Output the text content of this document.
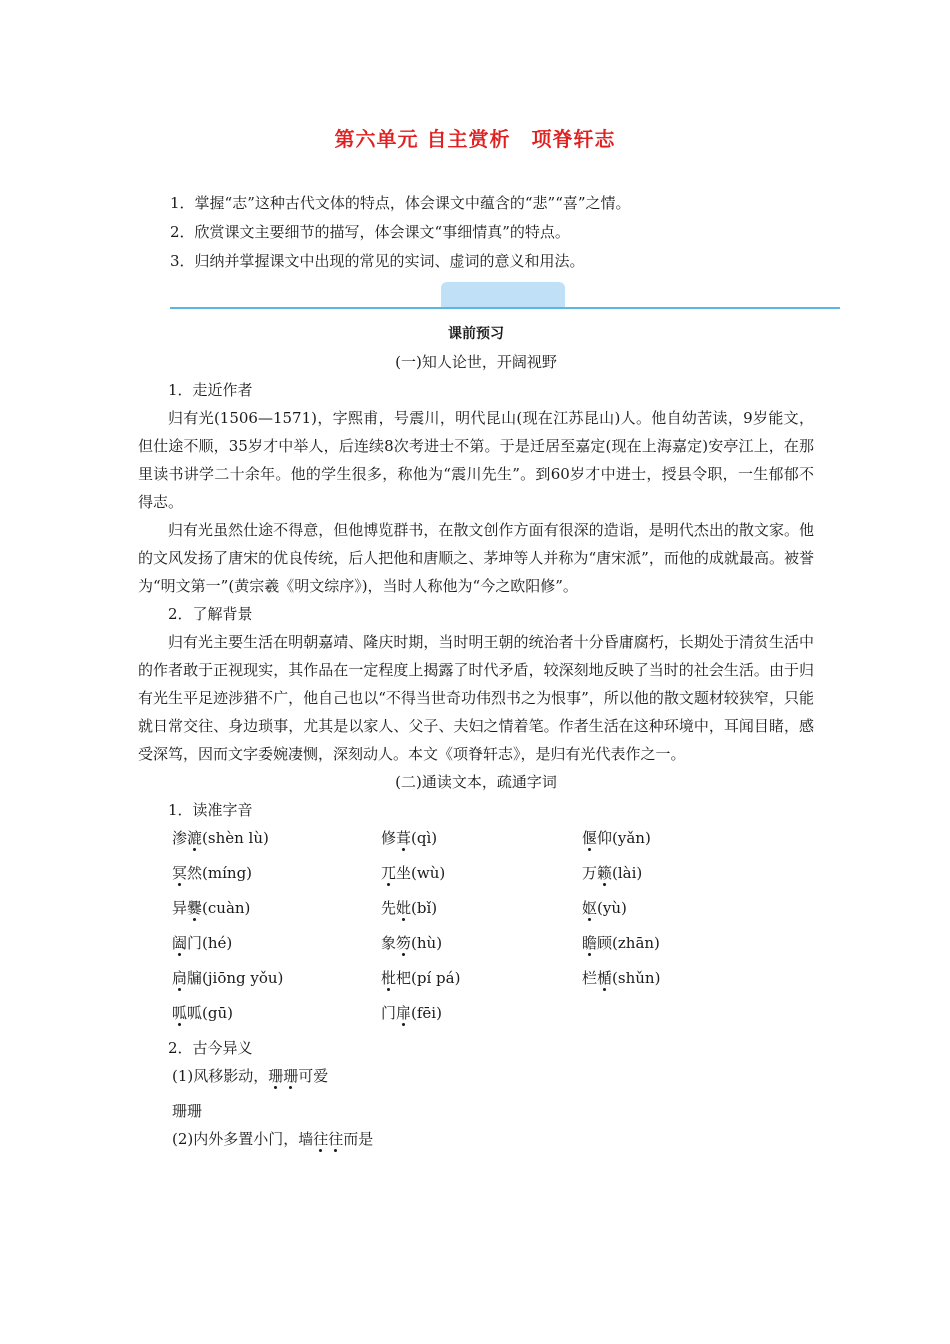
第六单元 自主赏析　项脊轩志
1．掌握“志”这种古代文体的特点，体会课文中蕴含的“悲”“喜”之情。
2．欣赏课文主要细节的描写，体会课文“事细情真”的特点。
3．归纳并掌握课文中出现的常见的实词、虚词的意义和用法。
课前预习
(一)知人论世，开阔视野
1．走近作者
归有光(1506—1571)，字熙甫，号震川，明代昆山(现在江苏昆山)人。他自幼苦读，9岁能文，但仕途不顺，35岁才中举人，后连续8次考进士不第。于是迁居至嘉定(现在上海嘉定)安亭江上，在那里读书讲学二十余年。他的学生很多，称他为“震川先生”。到60岁才中进士，授县令职，一生郁郁不得志。
归有光虽然仕途不得意，但他博览群书，在散文创作方面有很深的造诣，是明代杰出的散文家。他的文风发扬了唐宋的优良传统，后人把他和唐顺之、茅坤等人并称为“唐宋派”，而他的成就最高。被誉为“明文第一”(黄宗羲《明文综序》)，当时人称他为“今之欧阳修”。
2．了解背景
归有光主要生活在明朝嘉靖、隆庆时期，当时明王朝的统治者十分昏庸腐朽，长期处于清贫生活中的作者敢于正视现实，其作品在一定程度上揭露了时代矛盾，较深刻地反映了当时的社会生活。由于归有光生平足迹涉猎不广，他自己也以“不得当世奇功伟烈书之为恨事”，所以他的散文题材较狭窄，只能就日常交往、身边琐事，尤其是以家人、父子、夫妇之情着笔。作者生活在这种环境中，耳闻目睹，感受深笃，因而文字委婉凄恻，深刻动人。本文《项脊轩志》，是归有光代表作之一。
(二)通读文本，疏通字词
1．读准字音
渗漉(shèn lù)	修葺(qì)	偃仰(yǎn)
冥然(míng)	兀坐(wù)	万籁(lài)
异爨(cuàn)	先妣(bǐ)	妪(yù)
阖门(hé)	象笏(hù)	瞻顾(zhān)
扃牖(jiōng yǒu)	枇杷(pí pá)	栏楯(shǔn)
呱呱(gū)	门扉(fēi)
2．古今异义
(1)风移影动，珊珊可爱
珊珊
(2)内外多置小门，墙往往而是
